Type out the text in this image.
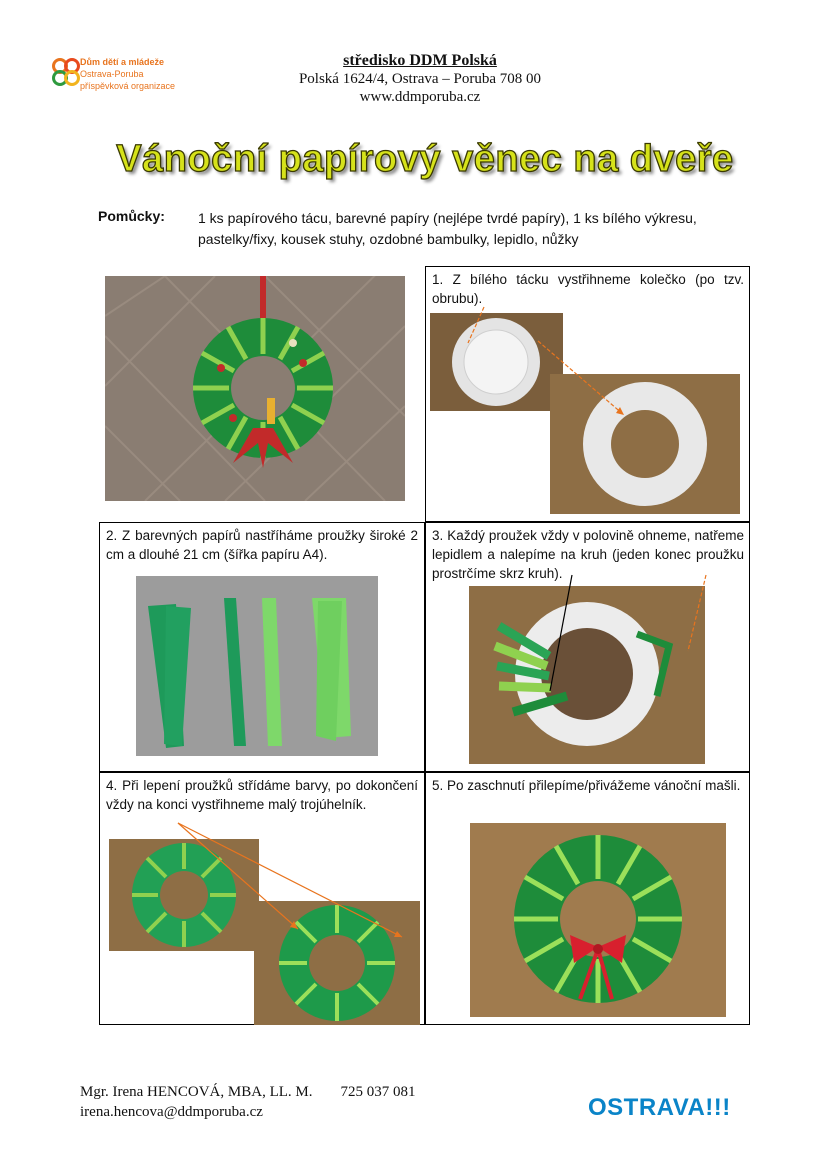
Dům dětí a mládeže
Ostrava-Poruba
příspěvková organizace
středisko DDM Polská
Polská 1624/4, Ostrava – Poruba 708 00
www.ddmporuba.cz
Vánoční papírový věnec na dveře
Pomůcky: 1 ks papírového tácu, barevné papíry (nejlépe tvrdé papíry), 1 ks bílého výkresu, pastelky/fixy, kousek stuhy, ozdobné bambulky, lepidlo, nůžky
1. Z bílého tácku vystřihneme kolečko (po tzv. obrubu).
2. Z barevných papírů nastříháme proužky široké 2 cm a dlouhé 21 cm (šířka papíru A4).
3. Každý proužek vždy v polovině ohneme, natřeme lepidlem a nalepíme na kruh (jeden konec proužku prostrčíme skrz kruh).
4. Při lepení proužků střídáme barvy, po dokončení vždy na konci vystřihneme malý trojúhelník.
5. Po zaschnutí přilepíme/přivážeme vánoční mašli.
Mgr. Irena HENCOVÁ, MBA, LL. M. 725 037 081
irena.hencova@ddmporuba.cz	OSTRAVA!!!
